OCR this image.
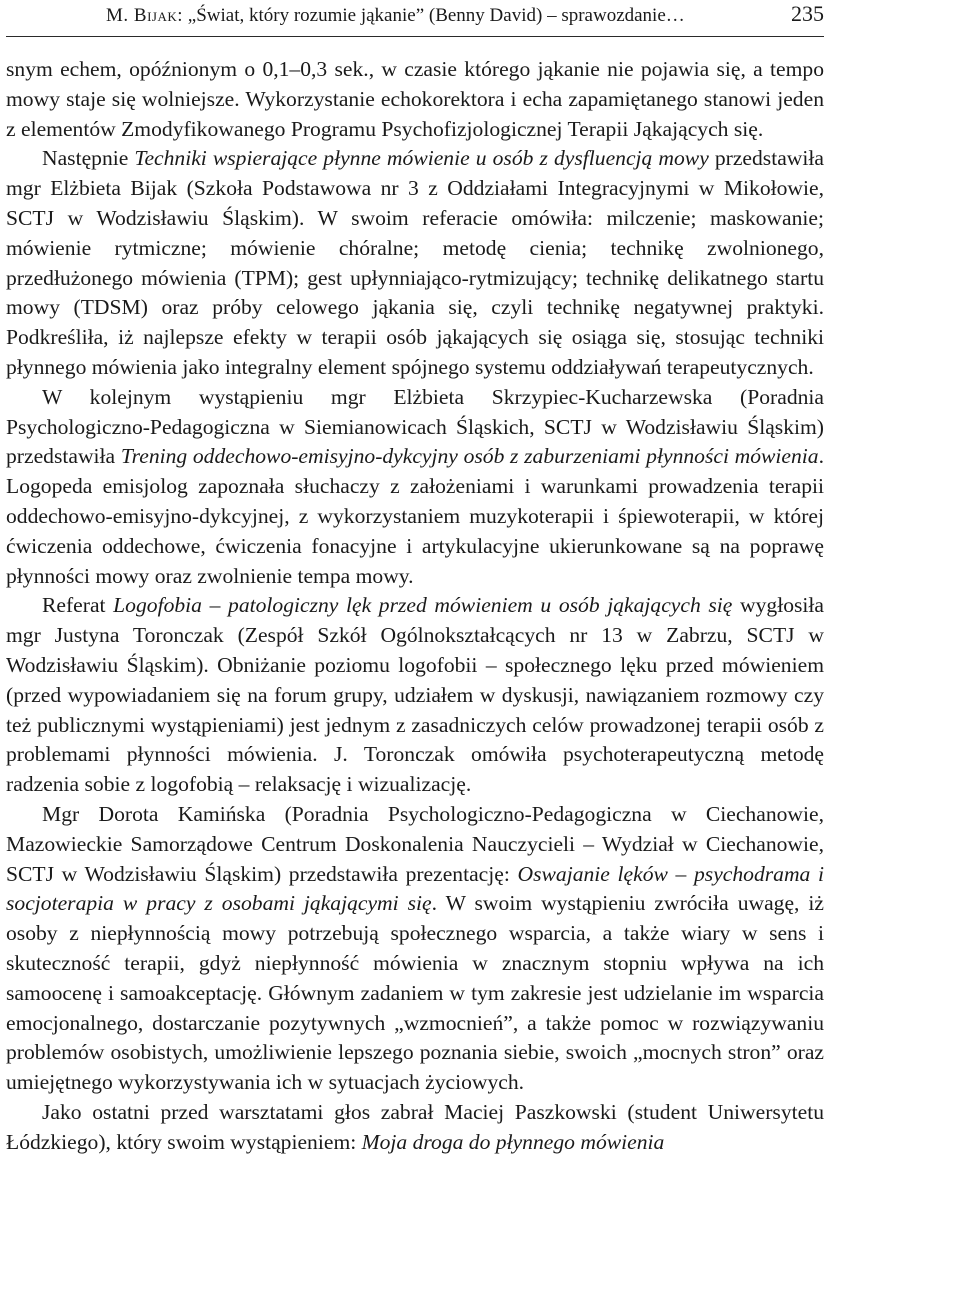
M. Bijak: „Świat, który rozumie jąkanie” (Benny David) – sprawozdanie…	235

snym echem, opóźnionym o 0,1–0,3 sek., w czasie którego jąkanie nie pojawia się, a tempo mowy staje się wolniejsze. Wykorzystanie echokorektora i echa zapamiętanego stanowi jeden z elementów Zmodyfikowanego Programu Psychofizjologicznej Terapii Jąkających się.

Następnie Techniki wspierające płynne mówienie u osób z dysfluencją mowy przedstawiła mgr Elżbieta Bijak (Szkoła Podstawowa nr 3 z Oddziałami Integracyjnymi w Mikołowie, SCTJ w Wodzisławiu Śląskim). W swoim referacie omówiła: milczenie; maskowanie; mówienie rytmiczne; mówienie chóralne; metodę cienia; technikę zwolnionego, przedłużonego mówienia (TPM); gest upłynniająco-rytmizujący; technikę delikatnego startu mowy (TDSM) oraz próby celowego jąkania się, czyli technikę negatywnej praktyki. Podkreśliła, iż najlepsze efekty w terapii osób jąkających się osiąga się, stosując techniki płynnego mówienia jako integralny element spójnego systemu oddziaływań terapeutycznych.

W kolejnym wystąpieniu mgr Elżbieta Skrzypiec-Kucharzewska (Poradnia Psychologiczno-Pedagogiczna w Siemianowicach Śląskich, SCTJ w Wodzisławiu Śląskim) przedstawiła Trening oddechowo-emisyjno-dykcyjny osób z zaburzeniami płynności mówienia. Logopeda emisjolog zapoznała słuchaczy z założeniami i warunkami prowadzenia terapii oddechowo-emisyjno-dykcyjnej, z wykorzystaniem muzykoterapii i śpiewoterapii, w której ćwiczenia oddechowe, ćwiczenia fonacyjne i artykulacyjne ukierunkowane są na poprawę płynności mowy oraz zwolnienie tempa mowy.

Referat Logofobia – patologiczny lęk przed mówieniem u osób jąkających się wygłosiła mgr Justyna Toronczak (Zespół Szkół Ogólnokształcących nr 13 w Zabrzu, SCTJ w Wodzisławiu Śląskim). Obniżanie poziomu logofobii – społecznego lęku przed mówieniem (przed wypowiadaniem się na forum grupy, udziałem w dyskusji, nawiązaniem rozmowy czy też publicznymi wystąpieniami) jest jednym z zasadniczych celów prowadzonej terapii osób z problemami płynności mówienia. J. Toronczak omówiła psychoterapeutyczną metodę radzenia sobie z logofobią – relaksację i wizualizację.

Mgr Dorota Kamińska (Poradnia Psychologiczno-Pedagogiczna w Ciechanowie, Mazowieckie Samorządowe Centrum Doskonalenia Nauczycieli – Wydział w Ciechanowie, SCTJ w Wodzisławiu Śląskim) przedstawiła prezentację: Oswajanie lęków – psychodrama i socjoterapia w pracy z osobami jąkającymi się. W swoim wystąpieniu zwróciła uwagę, iż osoby z niepłynnością mowy potrzebują społecznego wsparcia, a także wiary w sens i skuteczność terapii, gdyż niepłynność mówienia w znacznym stopniu wpływa na ich samoocenę i samoakceptację. Głównym zadaniem w tym zakresie jest udzielanie im wsparcia emocjonalnego, dostarczanie pozytywnych „wzmocnień”, a także pomoc w rozwiązywaniu problemów osobistych, umożliwienie lepszego poznania siebie, swoich „mocnych stron” oraz umiejętnego wykorzystywania ich w sytuacjach życiowych.

Jako ostatni przed warsztatami głos zabrał Maciej Paszkowski (student Uniwersytetu Łódzkiego), który swoim wystąpieniem: Moja droga do płynnego mówienia
